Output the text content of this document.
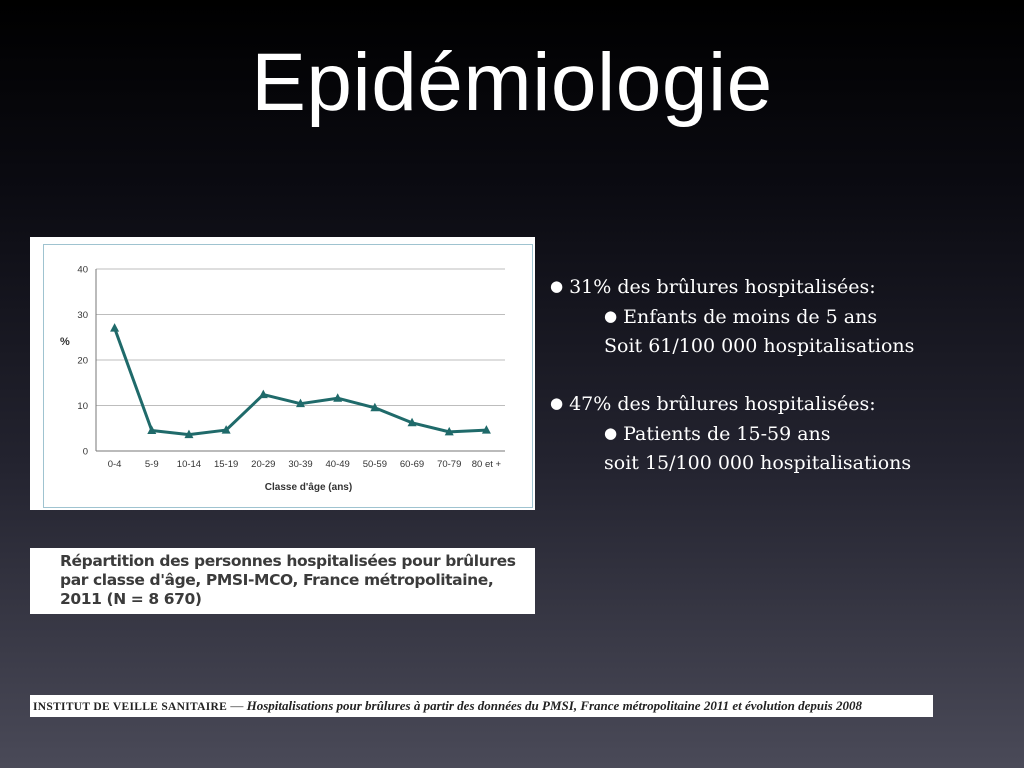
Epidémiologie
0
10
20
30
40
0-4 5-9 10-14 15-19 20-29 30-39 40-49 50-59 60-69 70-79 80 et +
%
Classe d'âge (ans)
Répartition des personnes hospitalisées pour brûlures
par classe d'âge, PMSI-MCO, France métropolitaine,
2011 (N = 8 670)
● 31% des brûlures hospitalisées:
● Enfants de moins de 5 ans
Soit 61/100 000 hospitalisations
● 47% des brûlures hospitalisées:
● Patients de 15-59 ans
soit 15/100 000 hospitalisations
INSTITUT DE VEILLE SANITAIRE — Hospitalisations pour brûlures à partir des données du PMSI, France métropolitaine 2011 et évolution depuis 2008
